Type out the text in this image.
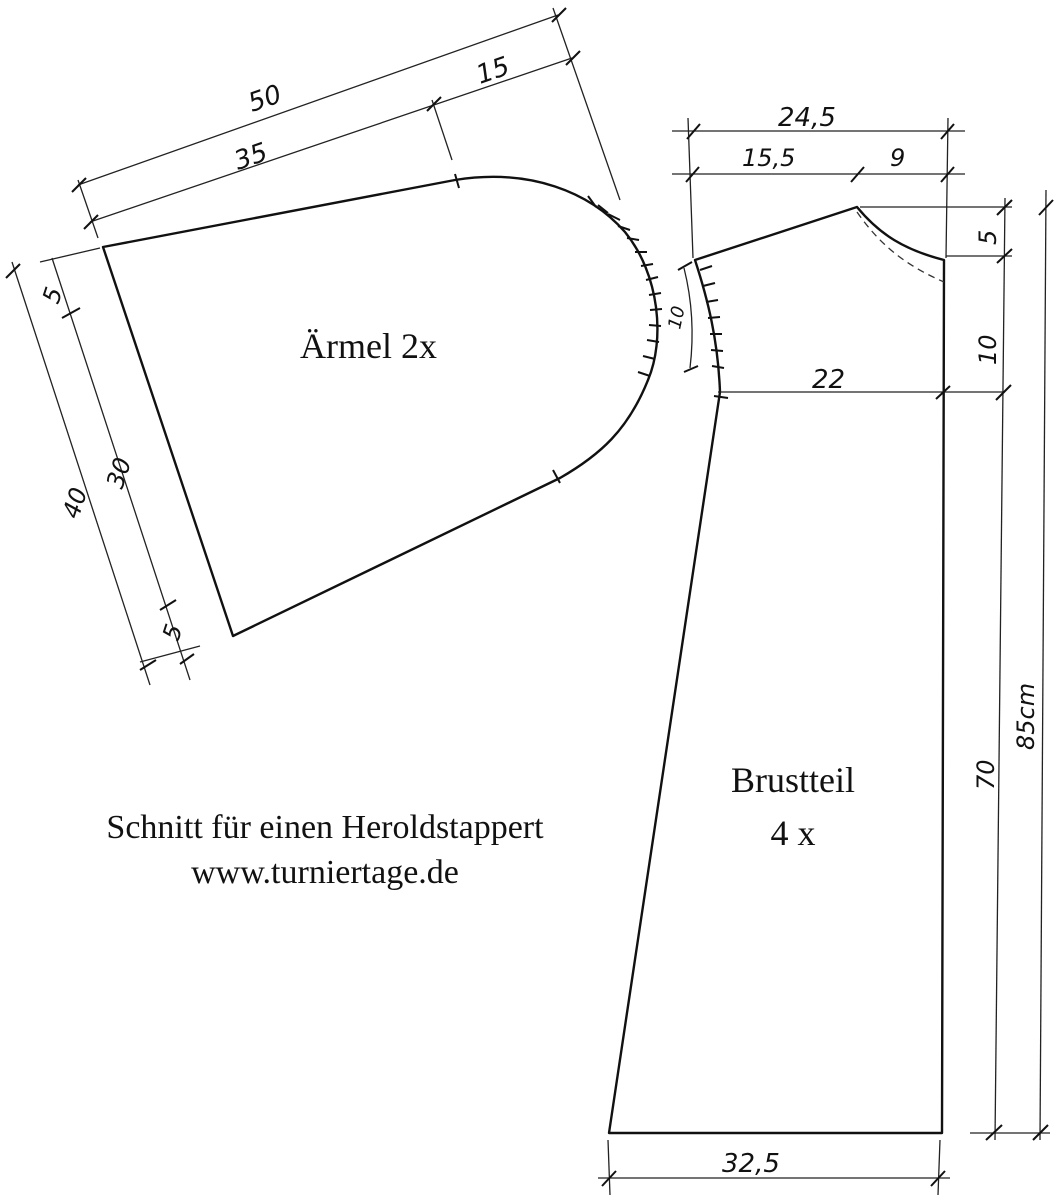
50
35
15
5
40
30
5
Ärmel 2x
10
22
24,5
15,5	9
5
10
70
85cm
32,5
Brustteil
4 x
Schnitt für einen Heroldstappert
www.turniertage.de
